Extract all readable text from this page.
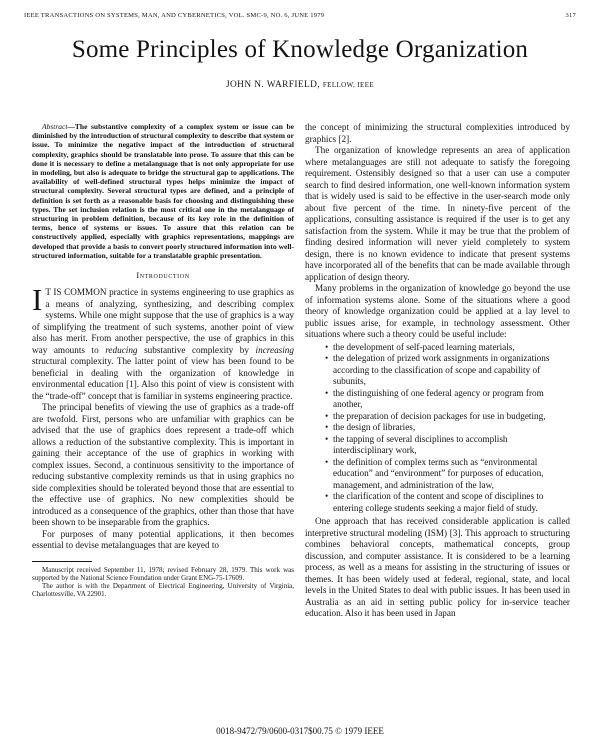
IEEE TRANSACTIONS ON SYSTEMS, MAN, AND CYBERNETICS, VOL. SMC-9, NO. 6, JUNE 1979	317
Some Principles of Knowledge Organization
JOHN N. WARFIELD, FELLOW, IEEE

Abstract—The substantive complexity of a complex system or issue can be diminished by the introduction of structural complexity to describe that system or issue. To minimize the negative impact of the introduction of structural complexity, graphics should be translatable into prose. To assure that this can be done it is necessary to define a metalanguage that is not only appropriate for use in modeling, but also is adequate to bridge the structural gap to applications. The availability of well-defined structural types helps minimize the impact of structural complexity. Several structural types are defined, and a principle of definition is set forth as a reasonable basis for choosing and distinguishing these types. The set inclusion relation is the most critical one in the metalanguage of structuring in problem definition, because of its key role in the definition of terms, hence of systems or issues. To assure that this relation can be constructively applied, especially with graphics representations, mappings are developed that provide a basis to convert poorly structured information into well-structured information, suitable for a translatable graphic presentation.

Introduction

I T IS COMMON practice in systems engineering to use graphics as a means of analyzing, synthesizing, and describing complex systems. While one might suppose that the use of graphics is a way of simplifying the treatment of such systems, another point of view also has merit. From another perspective, the use of graphics in this way amounts to reducing substantive complexity by increasing structural complexity. The latter point of view has been found to be beneficial in dealing with the organization of knowledge in environmental education [1]. Also this point of view is consistent with the “trade-off” concept that is familiar in systems engineering practice.

The principal benefits of viewing the use of graphics as a trade-off are twofold. First, persons who are unfamiliar with graphics can be advised that the use of graphics does represent a trade-off which allows a reduction of the substantive complexity. This is important in gaining their acceptance of the use of graphics in working with complex issues. Second, a continuous sensitivity to the importance of reducing substantive complexity reminds us that in using graphics no side complexities should be tolerated beyond those that are essential to the effective use of graphics. No new complexities should be introduced as a consequence of the graphics, other than those that have been shown to be inseparable from the graphics.

For purposes of many potential applications, it then becomes essential to devise metalanguages that are keyed to

Manuscript received September 11, 1978; revised February 28, 1979. This work was supported by the National Science Foundation under Grant ENG-75-17609.

The author is with the Department of Electrical Engineering, University of Virginia, Charlottesville, VA 22901.

the concept of minimizing the structural complexities introduced by graphics [2].

The organization of knowledge represents an area of application where metalanguages are still not adequate to satisfy the foregoing requirement. Ostensibly designed so that a user can use a computer search to find desired information, one well-known information system that is widely used is said to be effective in the user-search mode only about five percent of the time. In ninety-five percent of the applications, consulting assistance is required if the user is to get any satisfaction from the system. While it may be true that the problem of finding desired information will never yield completely to system design, there is no known evidence to indicate that present systems have incorporated all of the benefits that can be made available through application of design theory.

Many problems in the organization of knowledge go beyond the use of information systems alone. Some of the situations where a good theory of knowledge organization could be applied at a lay level to public issues arise, for example, in technology assessment. Other situations where such a theory could be useful include:

• the development of self-paced learning materials,
• the delegation of prized work assignments in organizations according to the classification of scope and capability of subunits,
• the distinguishing of one federal agency or program from another,
• the preparation of decision packages for use in budgeting,
• the design of libraries,
• the tapping of several disciplines to accomplish interdisciplinary work,
• the definition of complex terms such as “environmental education” and “environment” for purposes of education, management, and administration of the law,
• the clarification of the content and scope of disciplines to entering college students seeking a major field of study.

One approach that has received considerable application is called interpretive structural modeling (ISM) [3]. This approach to structuring combines behavioral concepts, mathematical concepts, group discussion, and computer assistance. It is considered to be a learning process, as well as a means for assisting in the structuring of issues or themes. It has been widely used at federal, regional, state, and local levels in the United States to deal with public issues. It has been used in Australia as an aid in setting public policy for in-service teacher education. Also it has been used in Japan

0018-9472/79/0600-0317$00.75 © 1979 IEEE
